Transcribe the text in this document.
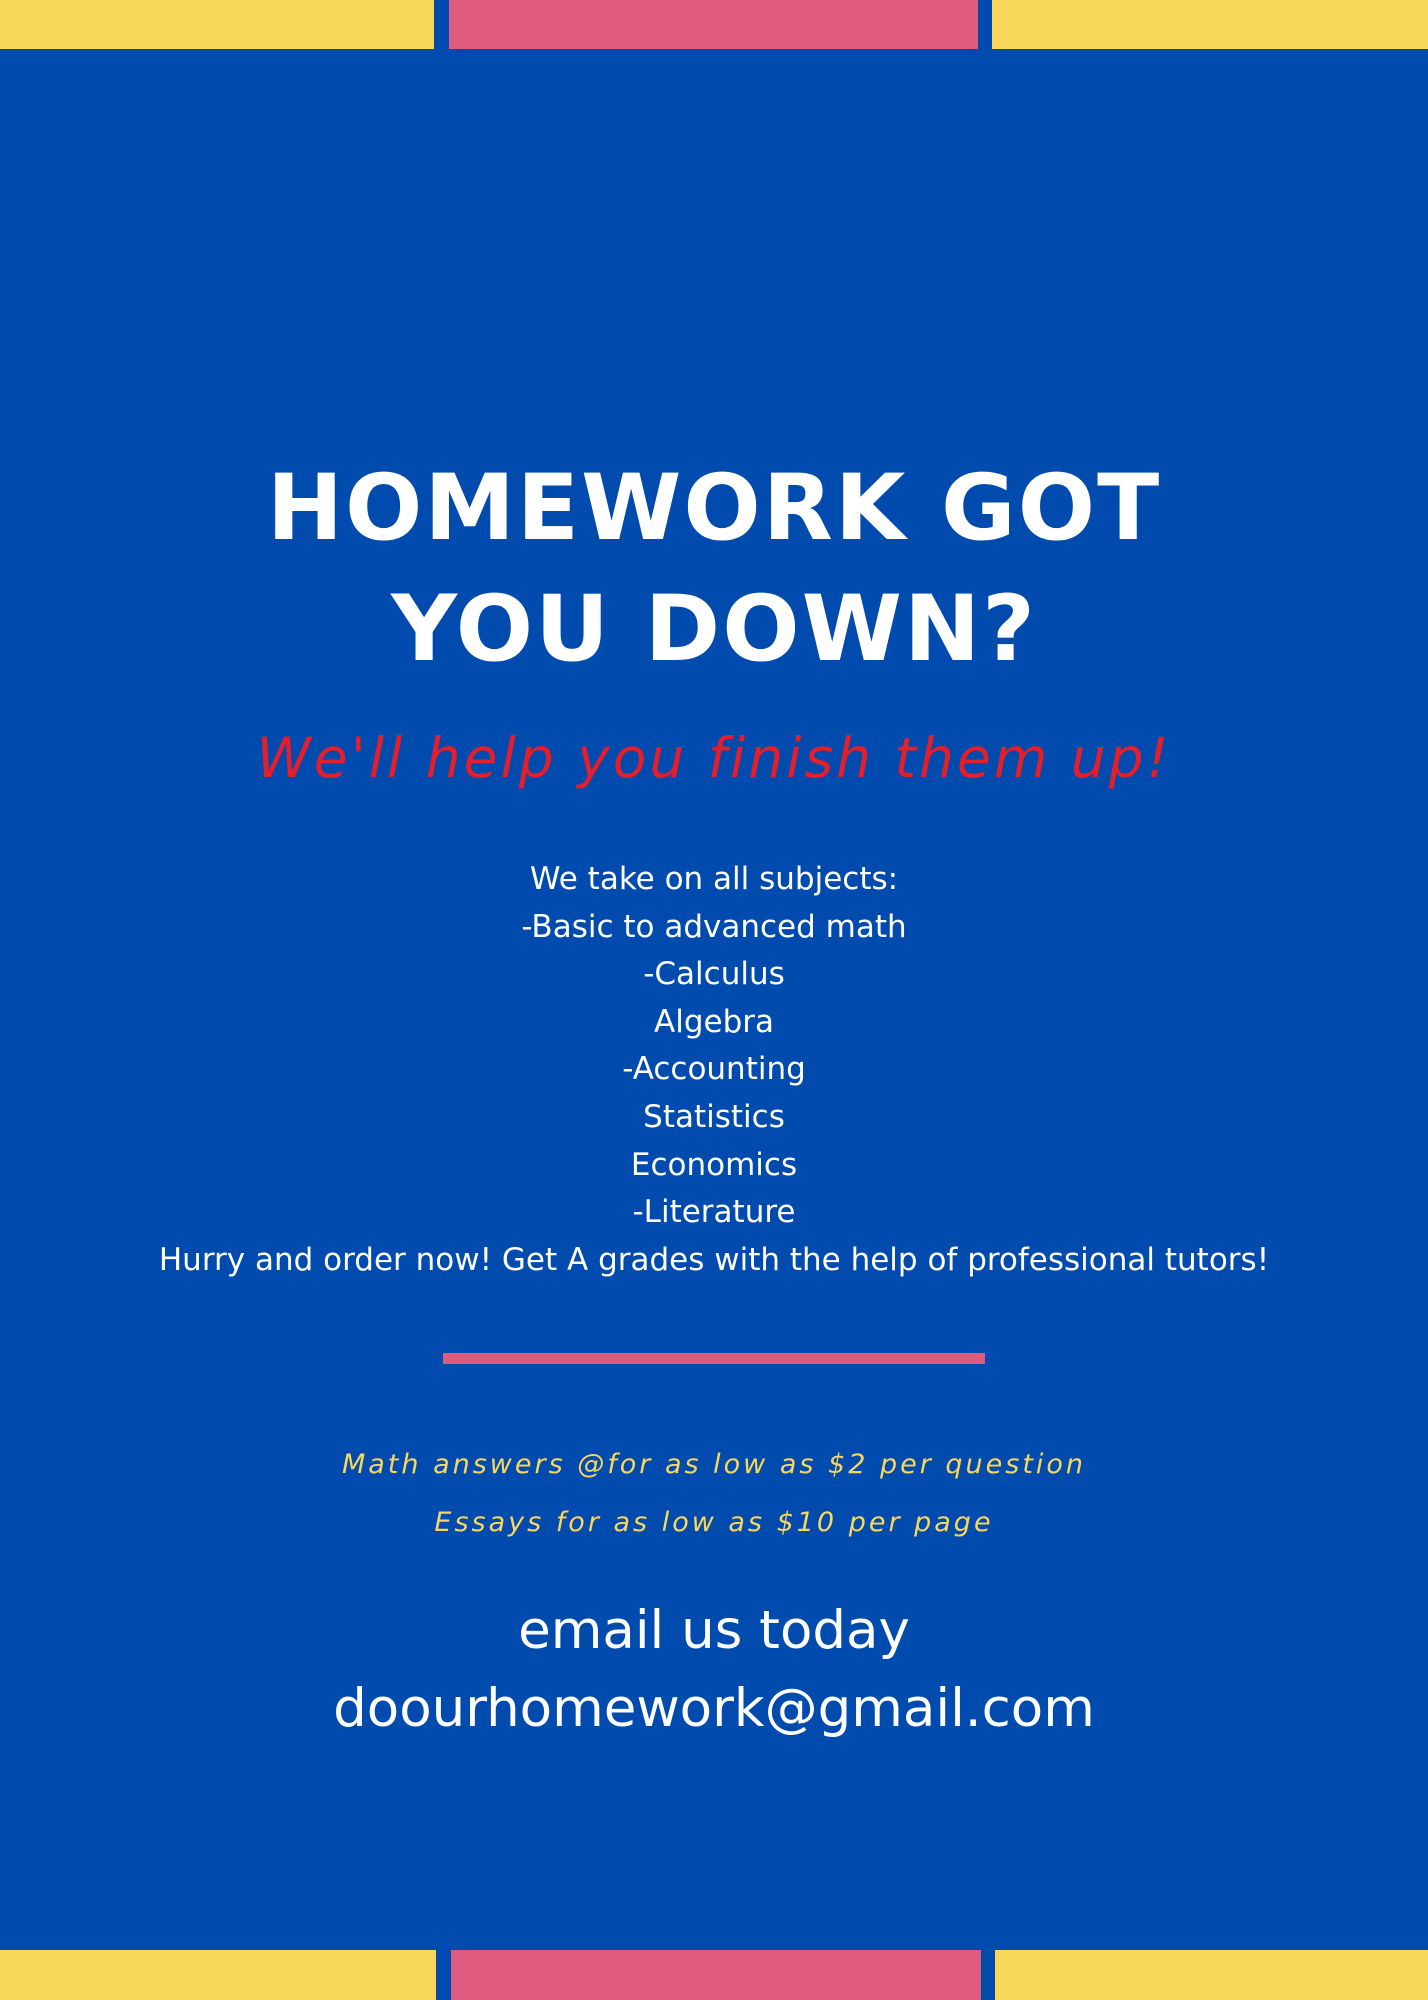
HOMEWORK GOT
YOU DOWN?
We'll help you finish them up!
We take on all subjects:
-Basic to advanced math
-Calculus
Algebra
-Accounting
Statistics
Economics
-Literature
Hurry and order now! Get A grades with the help of professional tutors!
Math answers @for as low as $2 per question
Essays for as low as $10 per page
email us today
doourhomework@gmail.com
